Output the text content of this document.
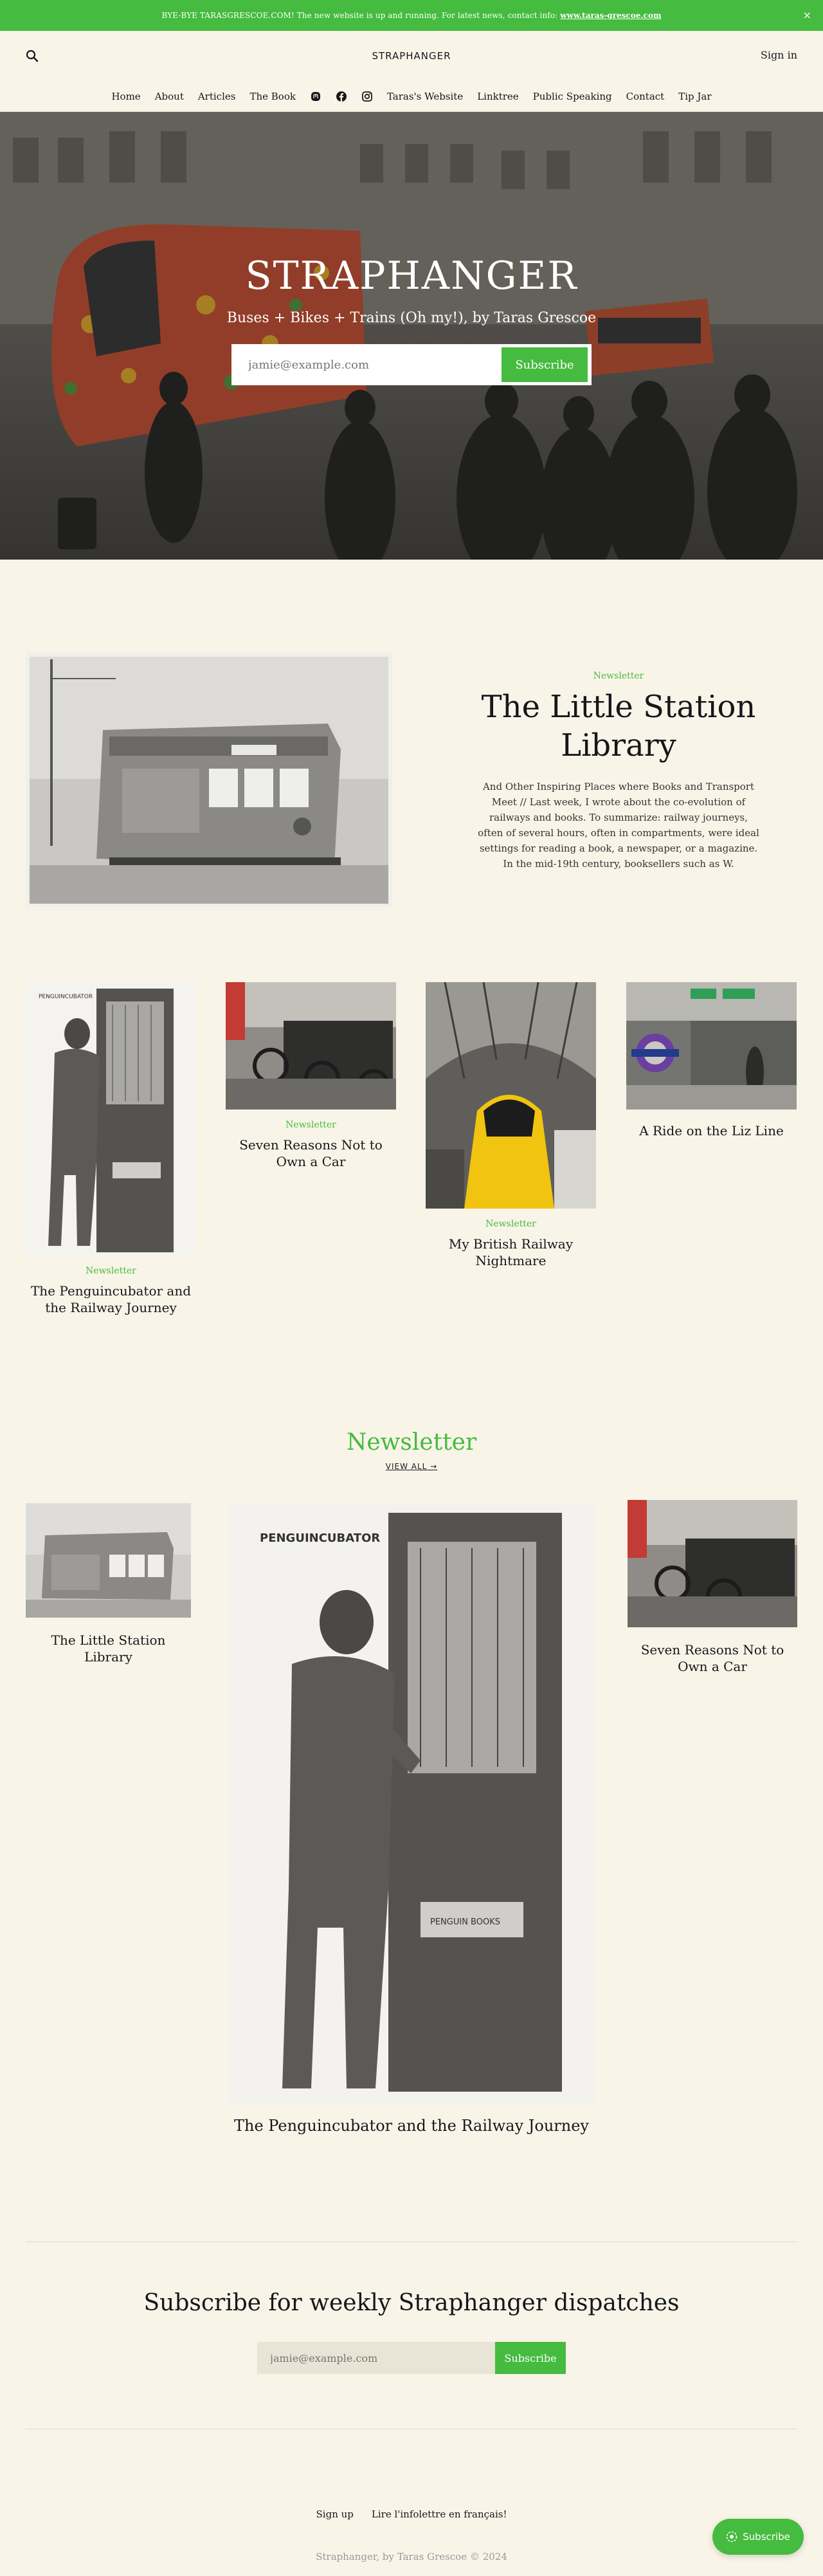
BYE-BYE TARASGRESCOE.COM! The new website is up and running. For latest news, contact info: www.taras-grescoe.com	×
STRAPHANGER	Sign in
Home About Articles The Book	Taras's Website Linktree Public Speaking Contact Tip Jar
STRAPHANGER
Buses + Bikes + Trains (Oh my!), by Taras Grescoe
jamie@example.com
Subscribe
Newsletter
The Little Station Library

And Other Inspiring Places where Books and Transport Meet // Last week, I wrote about the co-evolution of railways and books. To summarize: railway journeys, often of several hours, often in compartments, were ideal settings for reading a book, a newspaper, or a magazine. In the mid-19th century, booksellers such as W.

PENGUINCUBATOR
Newsletter
The Penguincubator and the Railway Journey
Newsletter
Seven Reasons Not to Own a Car
Newsletter
My British Railway Nightmare
A Ride on the Liz Line
Newsletter
VIEW ALL →
The Little Station Library
PENGUINCUBATOR
PENGUIN BOOKS
The Penguincubator and the Railway Journey
Seven Reasons Not to Own a Car
Subscribe for weekly Straphanger dispatches
jamie@example.com
Subscribe
Sign up Lire l'infolettre en français!
Straphanger, by Taras Grescoe © 2024
Subscribe
